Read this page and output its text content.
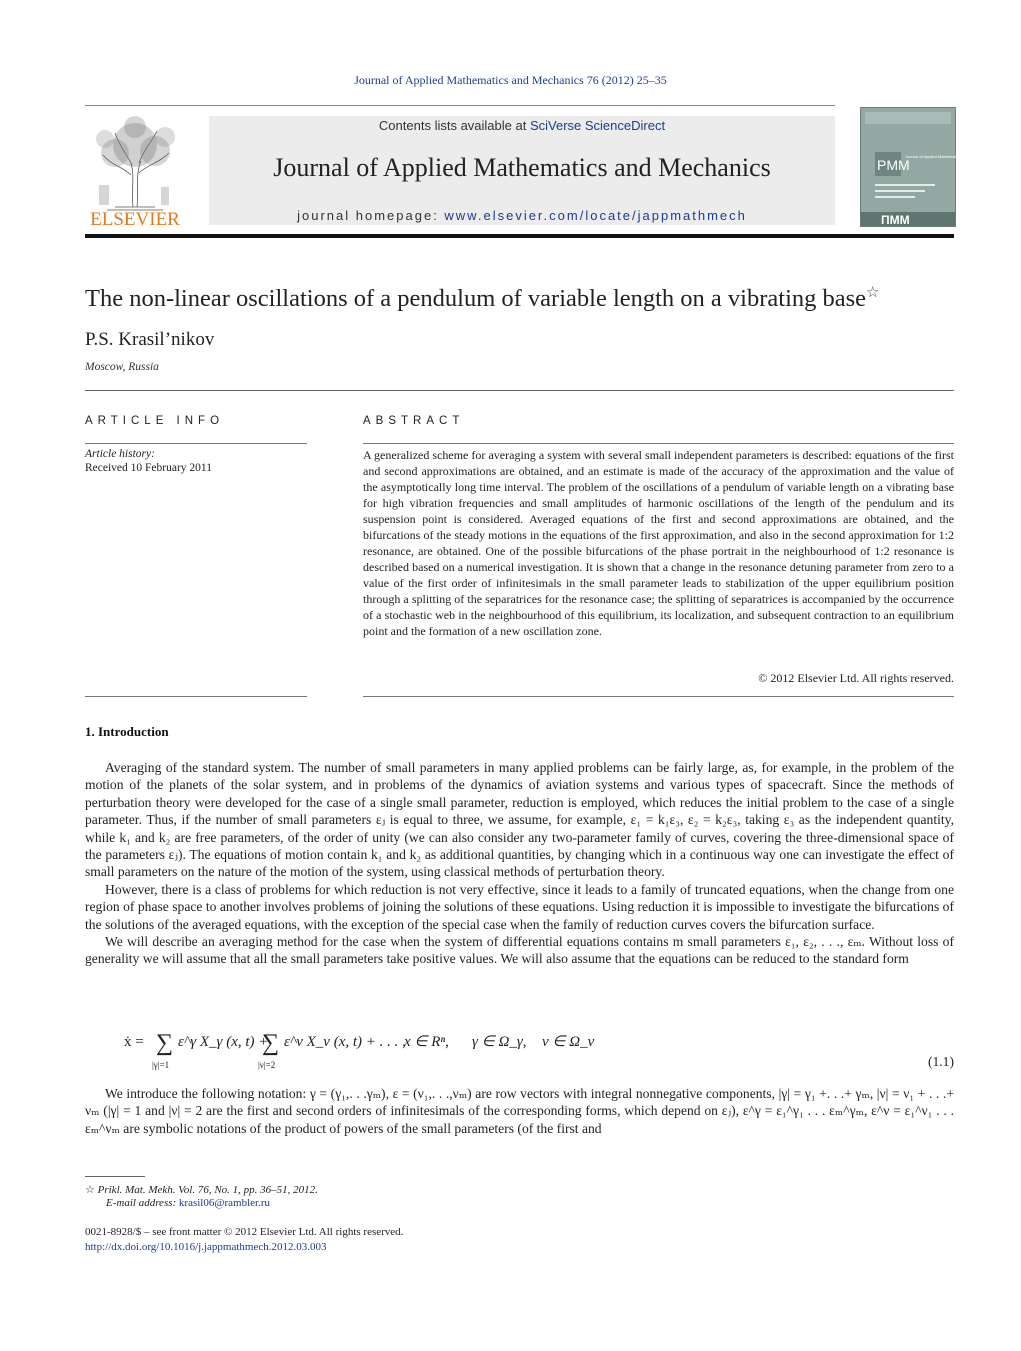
Journal of Applied Mathematics and Mechanics 76 (2012) 25–35
ELSEVIER
Contents lists available at SciVerse ScienceDirect
Journal of Applied Mathematics and Mechanics
journal homepage: www.elsevier.com/locate/jappmathmech
PMM
Journal of Applied Mathematics and Mechanics
ПММ
The non-linear oscillations of a pendulum of variable length on a vibrating base☆
P.S. Krasil’nikov
Moscow, Russia
ARTICLE INFO
Article history:
Received 10 February 2011
ABSTRACT
A generalized scheme for averaging a system with several small independent parameters is described: equations of the first and second approximations are obtained, and an estimate is made of the accuracy of the approximation and the value of the asymptotically long time interval. The problem of the oscillations of a pendulum of variable length on a vibrating base for high vibration frequencies and small amplitudes of harmonic oscillations of the length of the pendulum and its suspension point is considered. Averaged equations of the first and second approximations are obtained, and the bifurcations of the steady motions in the equations of the first approximation, and also in the second approximation for 1:2 resonance, are obtained. One of the possible bifurcations of the phase portrait in the neighbourhood of 1:2 resonance is described based on a numerical investigation. It is shown that a change in the resonance detuning parameter from zero to a value of the first order of infinitesimals in the small parameter leads to stabilization of the upper equilibrium position through a splitting of the separatrices for the resonance case; the splitting of separatrices is accompanied by the occurrence of a stochastic web in the neighbourhood of this equilibrium, its localization, and subsequent contraction to an equilibrium point and the formation of a new oscillation zone.
© 2012 Elsevier Ltd. All rights reserved.
1. Introduction

Averaging of the standard system. The number of small parameters in many applied problems can be fairly large, as, for example, in the problem of the motion of the planets of the solar system, and in problems of the dynamics of aviation systems and various types of spacecraft. Since the methods of perturbation theory were developed for the case of a single small parameter, reduction is employed, which reduces the initial problem to the case of a single parameter. Thus, if the number of small parameters εⱼ is equal to three, we assume, for example, ε₁ = k₁ε₃, ε₂ = k₂ε₃, taking ε₃ as the independent quantity, while k₁ and k₂ are free parameters, of the order of unity (we can also consider any two-parameter family of curves, covering the three-dimensional space of the parameters εⱼ). The equations of motion contain k₁ and k₂ as additional quantities, by changing which in a continuous way one can investigate the effect of small parameters on the nature of the motion of the system, using classical methods of perturbation theory.

However, there is a class of problems for which reduction is not very effective, since it leads to a family of truncated equations, when the change from one region of phase space to another involves problems of joining the solutions of these equations. Using reduction it is impossible to investigate the bifurcations of the solutions of the averaged equations, with the exception of the special case when the family of reduction curves covers the bifurcation surface.

We will describe an averaging method for the case when the system of differential equations contains m small parameters ε₁, ε₂, . . ., εₘ. Without loss of generality we will assume that all the small parameters take positive values. We will also assume that the equations can be reduced to the standard form

ẋ = ∑
|γ|=1
ε^γ X_γ (x, t) +
∑
|ν|=2
ε^ν X_ν (x, t) + . . . ,
x ∈ Rⁿ, γ ∈ Ω_γ, ν ∈ Ω_ν
(1.1)

We introduce the following notation: γ = (γ₁,. . .γₘ), ε = (ν₁,. . .,νₘ) are row vectors with integral nonnegative components, |γ| = γ₁ +. . .+ γₘ, |ν| = ν₁ + . . .+ νₘ (|γ| = 1 and |ν| = 2 are the first and second orders of infinitesimals of the corresponding forms, which depend on εⱼ), ε^γ = ε₁^γ₁ . . . εₘ^γₘ, ε^ν = ε₁^ν₁ . . . εₘ^νₘ are symbolic notations of the product of powers of the small parameters (of the first and

☆ Prikl. Mat. Mekh. Vol. 76, No. 1, pp. 36–51, 2012.
E-mail address: krasil06@rambler.ru
0021-8928/$ – see front matter © 2012 Elsevier Ltd. All rights reserved.
http://dx.doi.org/10.1016/j.jappmathmech.2012.03.003
